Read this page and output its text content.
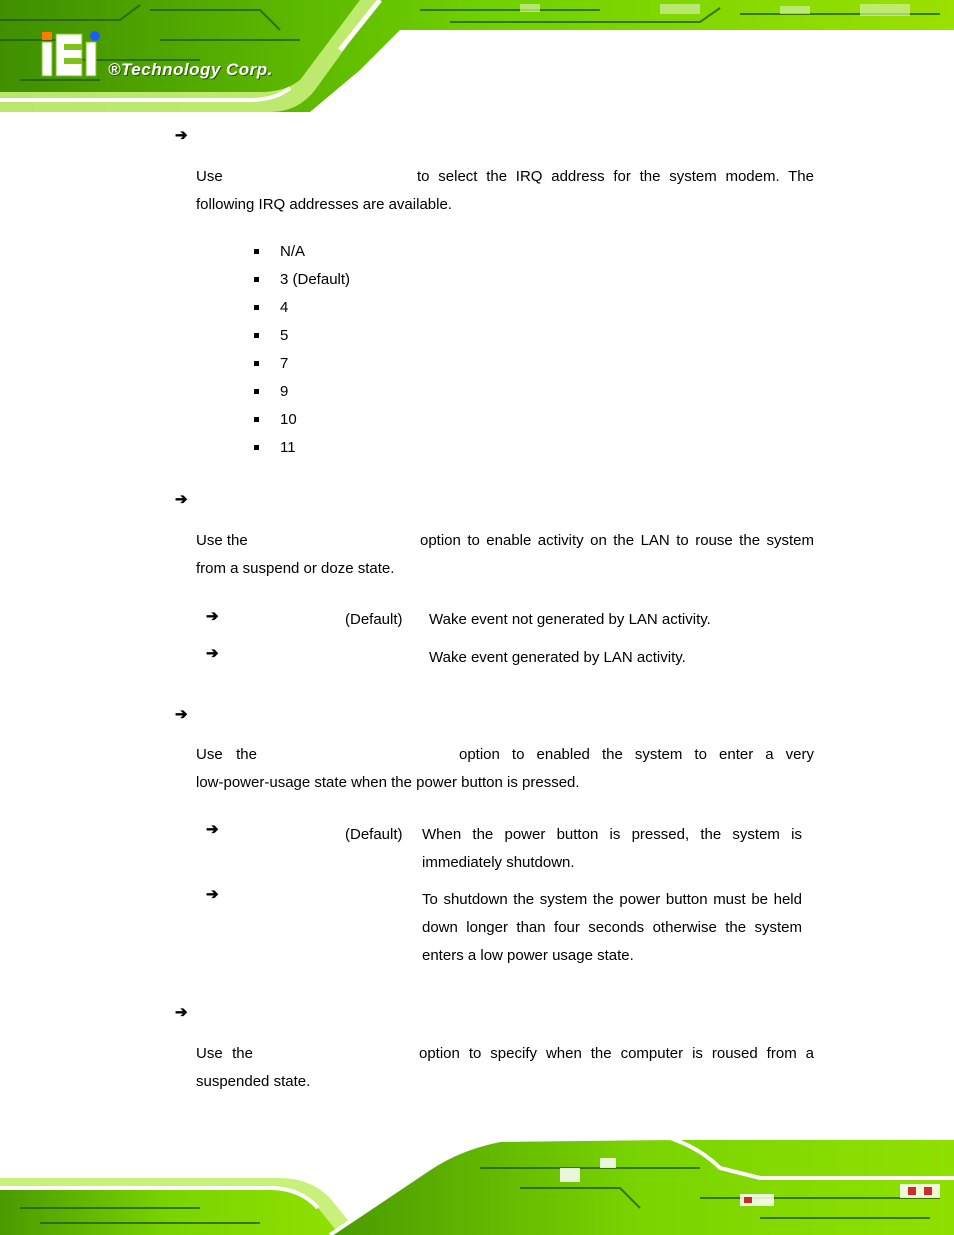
®Technology Corp.
➔
Use	to select the IRQ address for the system modem. The
following IRQ addresses are available.
N/A
3 (Default)
4
5
7
9
10
11
➔
Use the	option to enable activity on the LAN to rouse the system
from a suspend or doze state.
➔	(Default) Wake event not generated by LAN activity.
➔	Wake event generated by LAN activity.
➔
Use the	option to enabled the system to enter a very
low-power-usage state when the power button is pressed.
➔	(Default) When the power button is pressed, the system is
immediately shutdown.
➔	To shutdown the system the power button must be held
down longer than four seconds otherwise the system
enters a low power usage state.
➔
Use the	option to specify when the computer is roused from a
suspended state.
